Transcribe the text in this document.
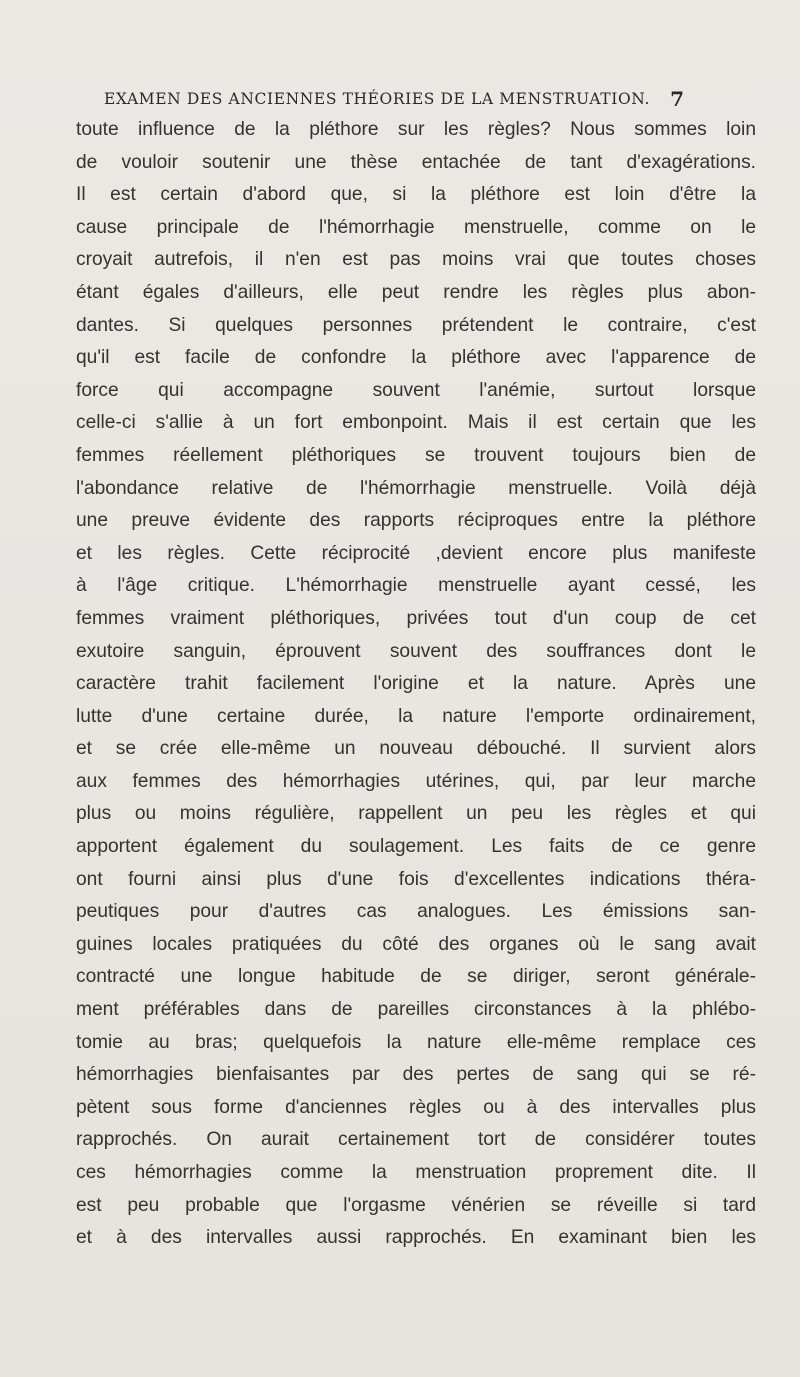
EXAMEN DES ANCIENNES THÉORIES DE LA MENSTRUATION. 7
toute influence de la pléthore sur les règles? Nous sommes loin
de vouloir soutenir une thèse entachée de tant d'exagérations.
Il est certain d'abord que, si la pléthore est loin d'être la
cause principale de l'hémorrhagie menstruelle, comme on le
croyait autrefois, il n'en est pas moins vrai que toutes choses
étant égales d'ailleurs, elle peut rendre les règles plus abon-
dantes. Si quelques personnes prétendent le contraire, c'est
qu'il est facile de confondre la pléthore avec l'apparence de
force qui accompagne souvent l'anémie, surtout lorsque
celle-ci s'allie à un fort embonpoint. Mais il est certain que les
femmes réellement pléthoriques se trouvent toujours bien de
l'abondance relative de l'hémorrhagie menstruelle. Voilà déjà
une preuve évidente des rapports réciproques entre la pléthore
et les règles. Cette réciprocité ,devient encore plus manifeste
à l'âge critique. L'hémorrhagie menstruelle ayant cessé, les
femmes vraiment pléthoriques, privées tout d'un coup de cet
exutoire sanguin, éprouvent souvent des souffrances dont le
caractère trahit facilement l'origine et la nature. Après une
lutte d'une certaine durée, la nature l'emporte ordinairement,
et se crée elle-même un nouveau débouché. Il survient alors
aux femmes des hémorrhagies utérines, qui, par leur marche
plus ou moins régulière, rappellent un peu les règles et qui
apportent également du soulagement. Les faits de ce genre
ont fourni ainsi plus d'une fois d'excellentes indications théra-
peutiques pour d'autres cas analogues. Les émissions san-
guines locales pratiquées du côté des organes où le sang avait
contracté une longue habitude de se diriger, seront générale-
ment préférables dans de pareilles circonstances à la phlébo-
tomie au bras; quelquefois la nature elle-même remplace ces
hémorrhagies bienfaisantes par des pertes de sang qui se ré-
pètent sous forme d'anciennes règles ou à des intervalles plus
rapprochés. On aurait certainement tort de considérer toutes
ces hémorrhagies comme la menstruation proprement dite. Il
est peu probable que l'orgasme vénérien se réveille si tard
et à des intervalles aussi rapprochés. En examinant bien les
